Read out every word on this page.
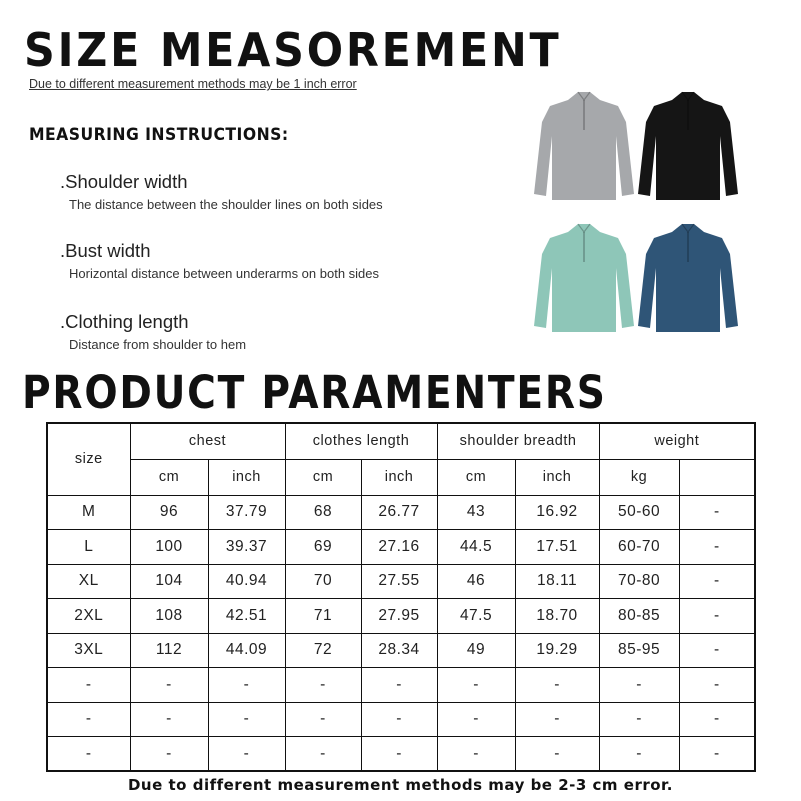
SIZE MEASOREMENT
Due to different measurement methods may be 1 inch error
MEASURING INSTRUCTIONS:
.Shoulder width
The distance between the shoulder lines on both sides
.Bust width
Horizontal distance between underarms on both sides
.Clothing length
Distance from shoulder to hem
PRODUCT PARAMENTERS
size	chest		clothes length		shoulder breadth		weight	
	cm	inch	cm	inch	cm	inch	kg	
M	96	37.79	68	26.77	43	16.92	50-60	-
L	100	39.37	69	27.16	44.5	17.51	60-70	-
XL	104	40.94	70	27.55	46	18.11	70-80	-
2XL	108	42.51	71	27.95	47.5	18.70	80-85	-
3XL	112	44.09	72	28.34	49	19.29	85-95	-
-	-	-	-	-	-	-	-	-
-	-	-	-	-	-	-	-	-
-	-	-	-	-	-	-	-	-
Due to different measurement methods may be 2-3 cm error.
